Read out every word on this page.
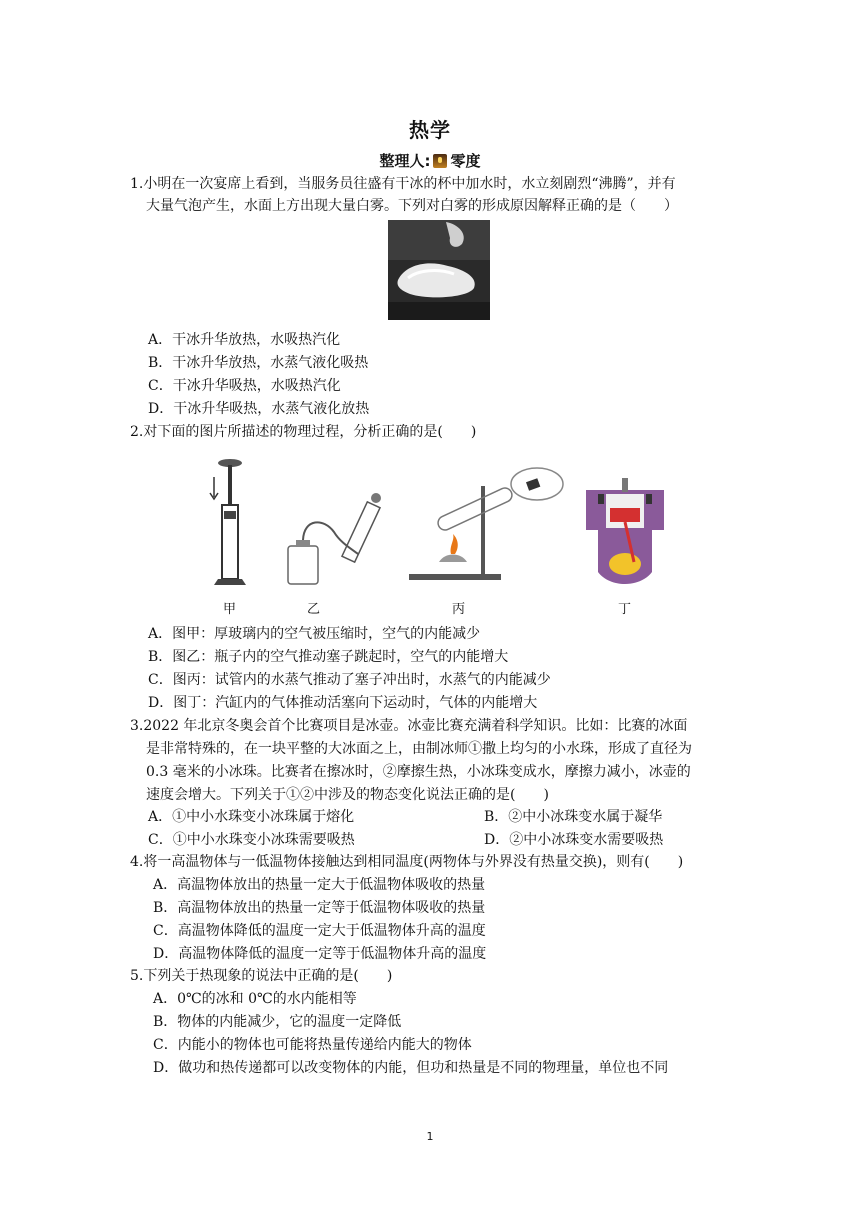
热学
整理人: 零度
1.小明在一次宴席上看到，当服务员往盛有干冰的杯中加水时，水立刻剧烈“沸腾”，并有
大量气泡产生，水面上方出现大量白雾。下列对白雾的形成原因解释正确的是（　　）
A．干冰升华放热，水吸热汽化
B．干冰升华放热，水蒸气液化吸热
C．干冰升华吸热，水吸热汽化
D．干冰升华吸热，水蒸气液化放热
2.对下面的图片所描述的物理过程，分析正确的是(　　)
甲	乙	丙	丁
A．图甲：厚玻璃内的空气被压缩时，空气的内能减少
B．图乙：瓶子内的空气推动塞子跳起时，空气的内能增大
C．图丙：试管内的水蒸气推动了塞子冲出时，水蒸气的内能减少
D．图丁：汽缸内的气体推动活塞向下运动时，气体的内能增大
3.2022 年北京冬奥会首个比赛项目是冰壶。冰壶比赛充满着科学知识。比如：比赛的冰面
是非常特殊的，在一块平整的大冰面之上，由制冰师①撒上均匀的小水珠，形成了直径为
0.3 毫米的小冰珠。比赛者在擦冰时，②摩擦生热，小冰珠变成水，摩擦力减小，冰壶的
速度会增大。下列关于①②中涉及的物态变化说法正确的是(　　)
A．①中小水珠变小冰珠属于熔化	B．②中小冰珠变水属于凝华
C．①中小水珠变小冰珠需要吸热	D．②中小冰珠变水需要吸热
4.将一高温物体与一低温物体接触达到相同温度(两物体与外界没有热量交换)，则有(　　)
A．高温物体放出的热量一定大于低温物体吸收的热量
B．高温物体放出的热量一定等于低温物体吸收的热量
C．高温物体降低的温度一定大于低温物体升高的温度
D．高温物体降低的温度一定等于低温物体升高的温度
5.下列关于热现象的说法中正确的是(　　)
A．0℃的冰和 0℃的水内能相等
B．物体的内能减少，它的温度一定降低
C．内能小的物体也可能将热量传递给内能大的物体
D．做功和热传递都可以改变物体的内能，但功和热量是不同的物理量，单位也不同
1
